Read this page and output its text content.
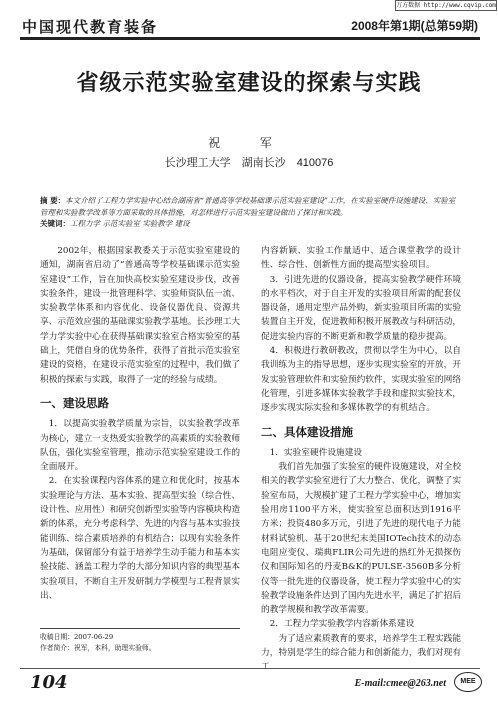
万方数据 http://www.cqvip.com
中国现代教育装备	2008年第1期(总第59期)
省级示范实验室建设的探索与实践
祝 军
长沙理工大学 湖南长沙 410076
摘 要：本文介绍了工程力学实验中心结合湖南省“普通高等学校基础课示范实验室建设”工作，在实验室硬件设施建设、实验室管理和实验教学改革等方面采取的具体措施，对怎样进行示范实验室建设做出了探讨和实践。
关键词：工程力学 示范实验室 实验教学 建设

2002年，根据国家教委关于示范实验室建设的通知，湖南省启动了“普通高等学校基础课示范实验室建设”工作，旨在加快高校实验室建设步伐，改善实验条件，建设一批管理科学、实验师资队伍一流、实验教学体系和内容优化、设备仪器优良、资源共享、示范效应强的基础课实验教学基地。长沙理工大学力学实验中心在获得基础课实验室合格实验室的基础上，凭借自身的优势条件，获得了首批示范实验室建设的资格，在建设示范实验室的过程中，我们做了积极的探索与实践，取得了一定的经验与成绩。

一、建设思路

1．以提高实验教学质量为宗旨，以实验教学改革为核心，建立一支热爱实验教学的高素质的实验教师队伍，强化实验室管理，推动示范实验室建设工作的全面展开。

2．在实验课程内容体系的建立和优化时，按基本实验理论与方法、基本实验、提高型实验（综合性、设计性、应用性）和研究创新型实验等内容模块构造新的体系，充分考虑科学、先进的内容与基本实验技能训练、综合素质培养的有机结合；以现有实验条件为基础，保留部分有益于培养学生动手能力和基本实验技能、涵盖工程力学的大部分知识内容的典型基本实验项目，不断自主开发研制力学模型与工程背景实出、

内容新颖、实验工作量适中、适合课堂教学的设计性、综合性、创新性方面的提高型实验项目。

3．引进先进的仪器设备，提高实验教学硬件环境的水平档次，对于自主开发的实验项目所需的配套仪器设备，通用定型产品外购，新实验项目所需的实验装置自主开发，促进教师积极开展教改与科研活动，促进实验内容的不断更新和教学质量的稳步提高。

4．积极进行教研教改，贯彻以学生为中心，以自我训练为主的指导思想，逐步实现实验室的开放，开发实验管理软件和实验预约软件，实现实验室的网络化管理，引进多媒体实验教学手段和虚拟实验技术，逐步实现实际实验和多媒体教学的有机结合。

二、具体建设措施

1．实验室硬件设施建设

我们首先加强了实验室的硬件设施建设，对全校相关的教学实验室进行了大力整合、优化，调整了实验室布局，大规模扩建了工程力学实验中心，增加实验用房1100平方米，使实验室总面积达到1916平方米；投资480多万元，引进了先进的现代电子力能材料试验机、基于20世纪末美国IOTech技术的动态电阻应变仪、瑞典FLIR公司先进的热红外无损探伤仪和国际知名的丹麦B&K的PULSE-3560B多分析仪等一批先进的仪器设备，使工程力学实验中心的实验教学设施条件达到了国内先进水平，满足了扩招后的教学规模和教学改革需要。

2．工程力学实验教学内容新体系建设

为了适应素质教育的要求，培养学生工程实践能力，特别是学生的综合能力和创新能力，我们对现有

收稿日期：2007-06-29
作者简介：祝军，本科，助理实验师。
104	E-mail:cmee@263.net	MEE
